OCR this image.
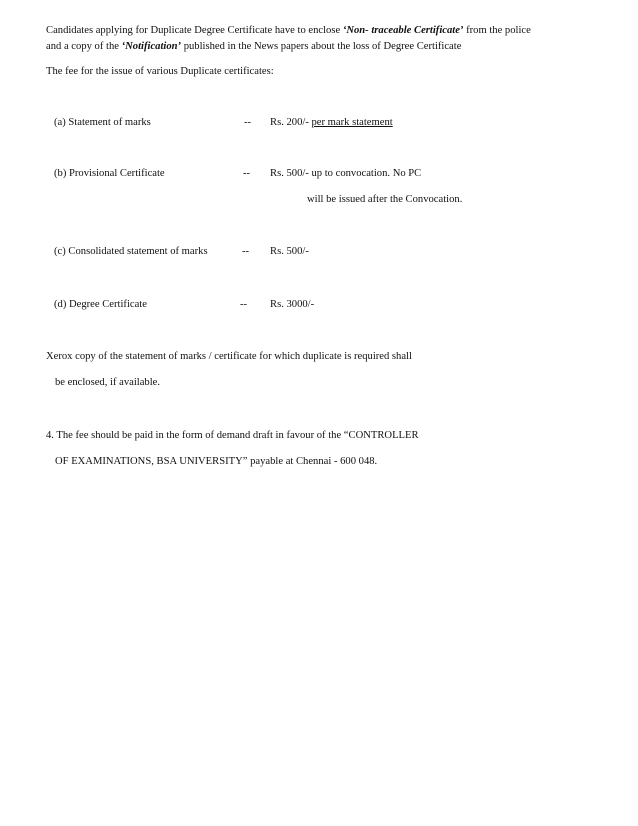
Candidates applying for Duplicate Degree Certificate have to enclose ‘Non- traceable Certificate’ from the police
and a copy of the ‘Notification’ published in the News papers about the loss of Degree Certificate
The fee for the issue of various Duplicate certificates:
(a) Statement of marks	-- Rs. 200/- per mark statement
(b) Provisional Certificate	-- Rs. 500/- up to convocation. No PC
will be issued after the Convocation.
(c) Consolidated statement of marks	-- Rs. 500/-
(d) Degree Certificate	-- Rs. 3000/-
Xerox copy of the statement of marks / certificate for which duplicate is required shall
be enclosed, if available.
4. The fee should be paid in the form of demand draft in favour of the “CONTROLLER
OF EXAMINATIONS, BSA UNIVERSITY” payable at Chennai - 600 048.
